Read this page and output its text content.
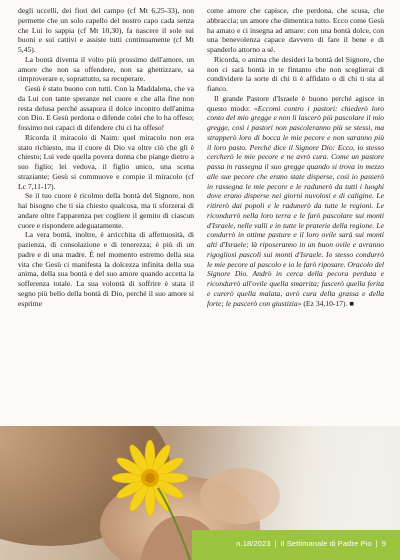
degli uccelli, dei fiori del campo (cf Mt 6,25-33), non permette che un solo capello del nostro capo cada senza che Lui lo sappia (cf Mt 10,30), fa nascere il sole sui buoni e sui cattivi e assiste tutti continuamente (cf Mt 5,45).

La bontà diventa il volto più prossimo dell'amore, un amore che non sa offendere, non sa ghettizzare, sa rimproverare e, soprattutto, sa recuperare.

Gesù è stato buono con tutti. Con la Maddalena, che va da Lui con tante speranze nel cuore e che alla fine non resta delusa perché assapora il dolce incontro dell'anima con Dio. E Gesù perdona e difende colei che lo ha offeso; fossimo noi capaci di difendere chi ci ha offeso!

Ricorda il miracolo di Naim: quel miracolo non era stato richiesto, ma il cuore di Dio va oltre ciò che gli è chiesto; Lui vede quella povera donna che piange dietro a suo figlio; lei vedova, il figlio unico, una scena straziante; Gesù si commuove e compie il miracolo (cf Lc 7,11-17).

Se il tuo cuore è ricolmo della bontà del Signore, non hai bisogno che ti sia chiesto qualcosa, ma ti sforzerai di andare oltre l'apparenza per cogliere il gemito di ciascun cuore e rispondere adeguatamente.

La vera bontà, inoltre, è arricchita di affettuosità, di pazienza, di consolazione e di tenerezza; è più di un padre e di una madre. È nel momento estremo della sua vita che Gesù ci manifesta la dolcezza infinita della sua anima, della sua bontà e del suo amore quando accetta la sofferenza totale. La sua volontà di soffrire è stata il segno più bello della bontà di Dio, perché il suo amore si esprime

come amore che capisce, che perdona, che scusa, che abbraccia; un amore che dimentica tutto. Ecco come Gesù ha amato e ci insegna ad amare: con una bontà dolce, con una benevolenza capace davvero di fare il bene e di spanderlo attorno a sé.

Ricorda, o anima che desideri la bontà del Signore, che non ci sarà bontà in te fintanto che non sceglierai di condividere la sorte di chi ti è affidato o di chi ti sta al fianco.

Il grande Pastore d'Israele è buono perché agisce in questo modo: «Eccomi contro i pastori: chiederò loro conto del mio gregge e non li lascerò più pascolare il mio gregge, così i pastori non pascoleranno più se stessi, ma strapperò loro di bocca le mie pecore e non saranno più il loro pasto. Perché dice il Signore Dio: Ecco, io stesso cercherò le mie pecore e ne avrò cura. Come un pastore passa in rassegna il suo gregge quando si trova in mezzo alle sue pecore che erano state disperse, così io passerò in rassegna le mie pecore e le radunerò da tutti i luoghi dove erano disperse nei giorni nuvolosi e di caligine. Le ritirerò dai popoli e le radunerò da tutte le regioni. Le ricondurrò nella loro terra e le farò pascolare sui monti d'Israele, nelle valli e in tutte le praterie della regione. Le condurrò in ottime pasture e il loro ovile sarà sui monti alti d'Israele; là riposeranno in un buon ovile e avranno rigogliosi pascoli sui monti d'Israele. Io stesso condurrò le mie pecore al pascolo e io le farò riposare. Oracolo del Signore Dio. Andrò in cerca della pecora perduta e ricondurrò all'ovile quella smarrita; fascerò quella ferita e curerò quella malata, avrò cura della grassa e della forte; le pascerò con giustizia» (Ez 34,10-17). ■

n.18/2023 | Il Settimanale di Padre Pio | 9
